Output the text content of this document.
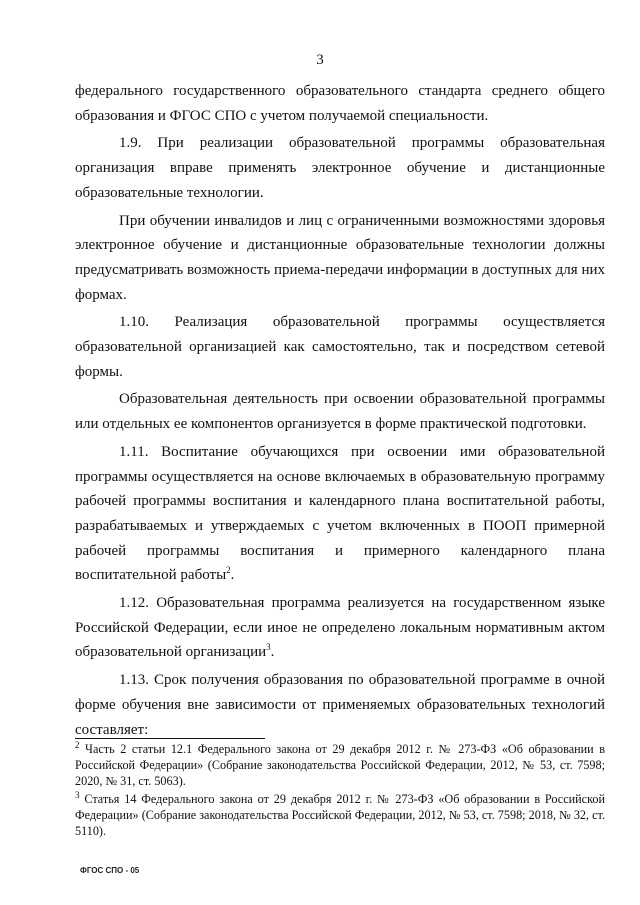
3

федерального государственного образовательного стандарта среднего общего образования и ФГОС СПО с учетом получаемой специальности.

1.9. При реализации образовательной программы образовательная организация вправе применять электронное обучение и дистанционные образовательные технологии.

При обучении инвалидов и лиц с ограниченными возможностями здоровья электронное обучение и дистанционные образовательные технологии должны предусматривать возможность приема-передачи информации в доступных для них формах.

1.10. Реализация образовательной программы осуществляется образовательной организацией как самостоятельно, так и посредством сетевой формы.

Образовательная деятельность при освоении образовательной программы или отдельных ее компонентов организуется в форме практической подготовки.

1.11. Воспитание обучающихся при освоении ими образовательной программы осуществляется на основе включаемых в образовательную программу рабочей программы воспитания и календарного плана воспитательной работы, разрабатываемых и утверждаемых с учетом включенных в ПООП примерной рабочей программы воспитания и примерного календарного плана воспитательной работы$^2$.

1.12. Образовательная программа реализуется на государственном языке Российской Федерации, если иное не определено локальным нормативным актом образовательной организации$^3$.

1.13. Срок получения образования по образовательной программе в очной форме обучения вне зависимости от применяемых образовательных технологий составляет:

$^2$ Часть 2 статьи 12.1 Федерального закона от 29 декабря 2012 г. № 273-ФЗ «Об образовании в Российской Федерации» (Собрание законодательства Российской Федерации, 2012, № 53, ст. 7598; 2020, № 31, ст. 5063).

$^3$ Статья 14 Федерального закона от 29 декабря 2012 г. № 273-ФЗ «Об образовании в Российской Федерации» (Собрание законодательства Российской Федерации, 2012, № 53, ст. 7598; 2018, № 32, ст. 5110).

ФГОС СПО - 05
